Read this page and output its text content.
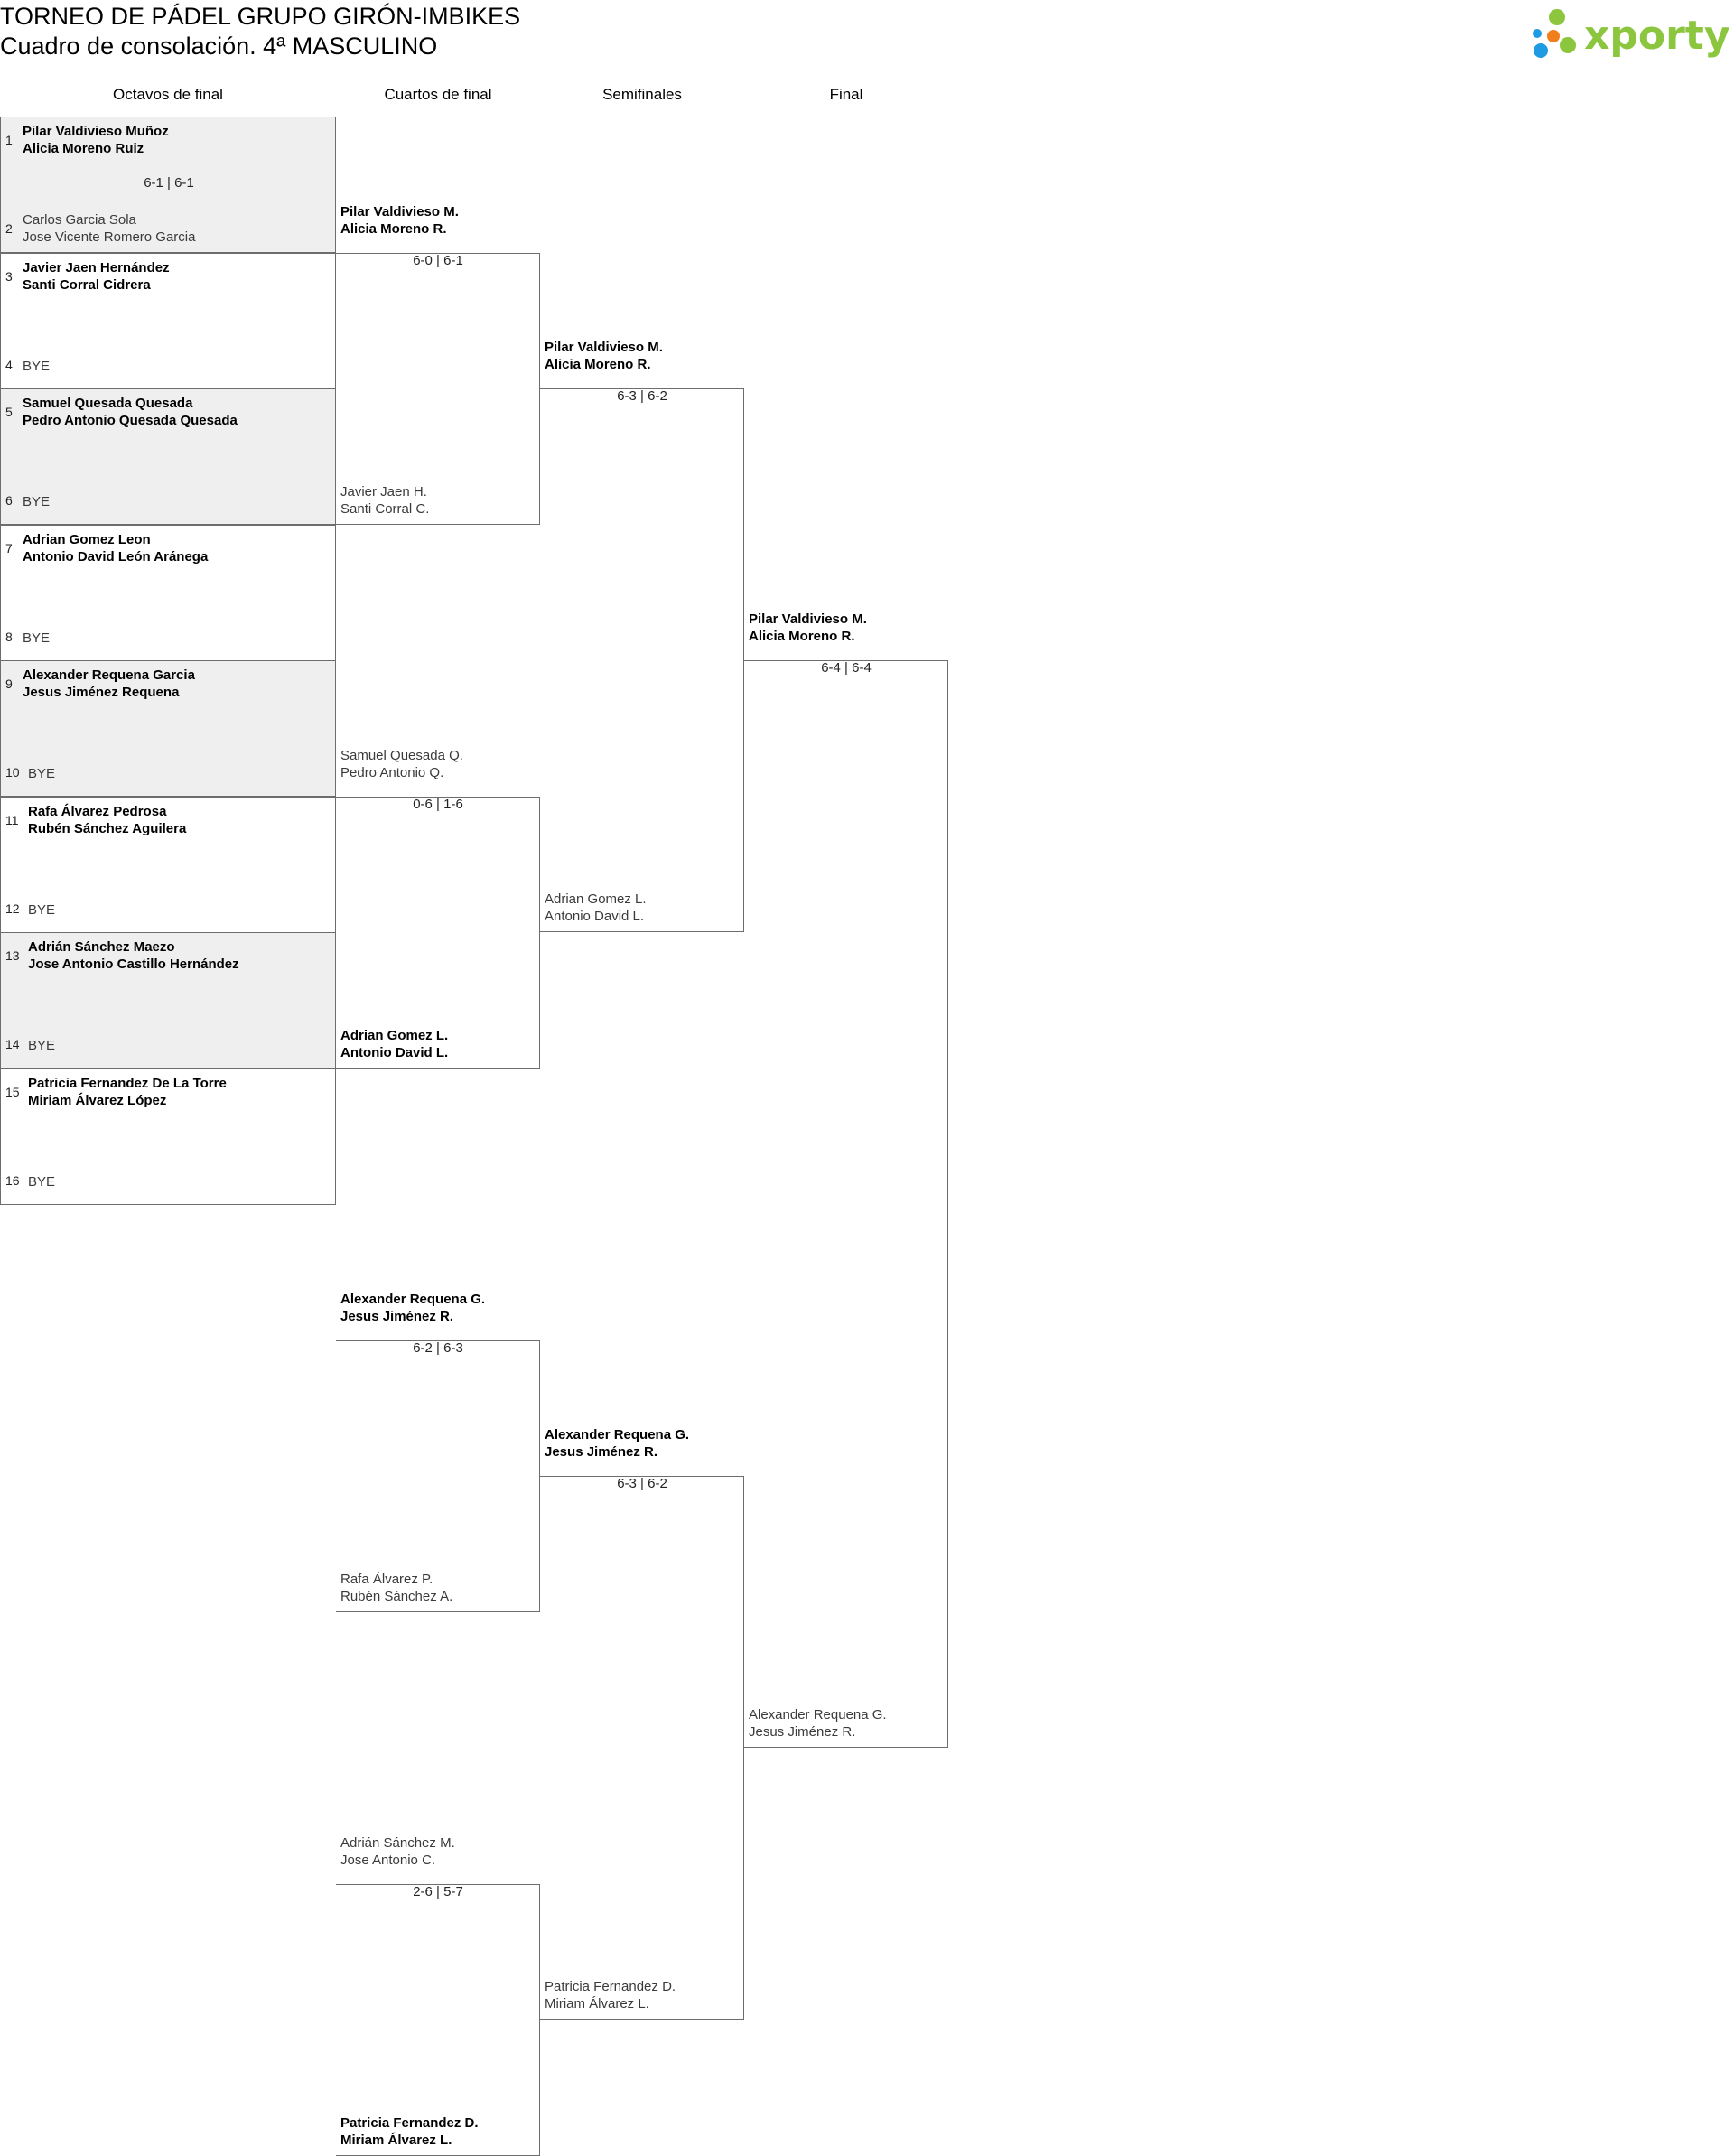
TORNEO DE PÁDEL GRUPO GIRÓN-IMBIKES
Cuadro de consolación. 4ª MASCULINO	xporty
Octavos de final	Cuartos de final	Semifinales	Final
1
Pilar Valdivieso Muñoz
Alicia Moreno Ruiz
2
Carlos Garcia Sola
Jose Vicente Romero Garcia
6-1 | 6-1
3
Javier Jaen Hernández
Santi Corral Cidrera
4 BYE
5
Samuel Quesada Quesada
Pedro Antonio Quesada Quesada
6 BYE
7
Adrian Gomez Leon
Antonio David León Aránega
8 BYE
9
Alexander Requena Garcia
Jesus Jiménez Requena
10 BYE
11
Rafa Álvarez Pedrosa
Rubén Sánchez Aguilera
12 BYE
13
Adrián Sánchez Maezo
Jose Antonio Castillo Hernández
14 BYE
15
Patricia Fernandez De La Torre
Miriam Álvarez López
16 BYE
Pilar Valdivieso M.
Alicia Moreno R.
Javier Jaen H.
Santi Corral C.
6-0 | 6-1
Samuel Quesada Q.
Pedro Antonio Q.
Adrian Gomez L.
Antonio David L.
0-6 | 1-6
Alexander Requena G.
Jesus Jiménez R.
Rafa Álvarez P.
Rubén Sánchez A.
6-2 | 6-3
Adrián Sánchez M.
Jose Antonio C.
Patricia Fernandez D.
Miriam Álvarez L.
2-6 | 5-7
Pilar Valdivieso M.
Alicia Moreno R.
Adrian Gomez L.
Antonio David L.
6-3 | 6-2
Alexander Requena G.
Jesus Jiménez R.
Patricia Fernandez D.
Miriam Álvarez L.
6-3 | 6-2
Pilar Valdivieso M.
Alicia Moreno R.
Alexander Requena G.
Jesus Jiménez R.
6-4 | 6-4
